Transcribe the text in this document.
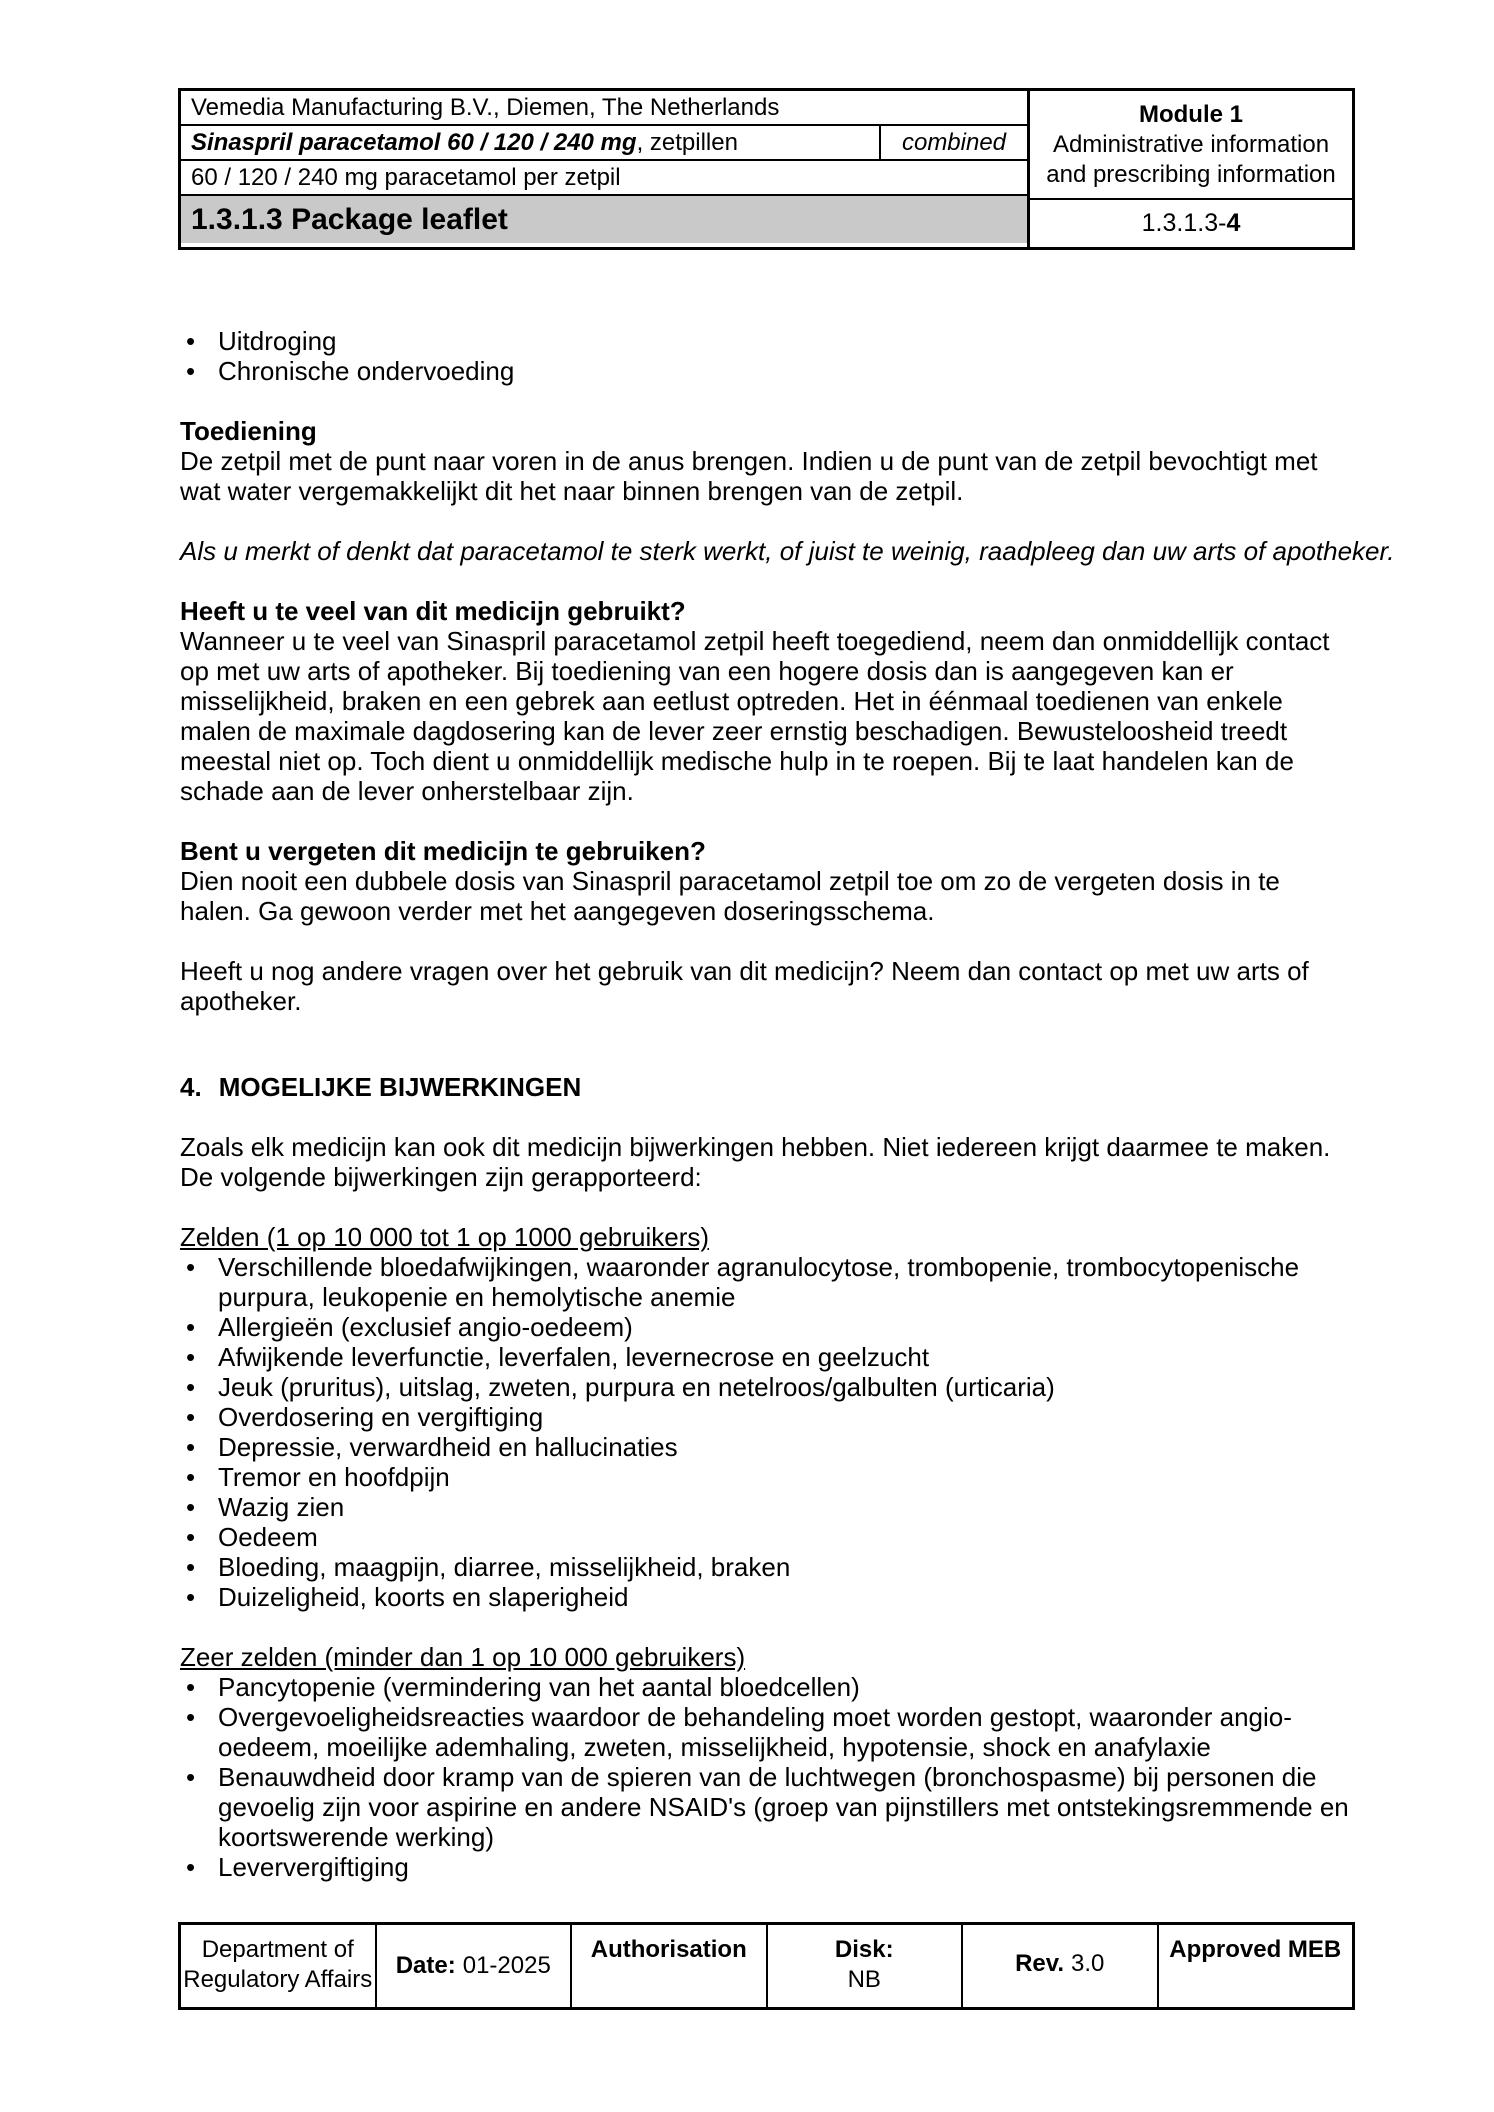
Vemedia Manufacturing B.V., Diemen, The Netherlands
Sinaspril paracetamol 60 / 120 / 240 mg, zetpillen	combined
60 / 120 / 240 mg paracetamol per zetpil
1.3.1.3 Package leaflet
Module 1
Administrative information
and prescribing information
1.3.1.3- 4
• Uitdroging
• Chronische ondervoeding
Toediening

De zetpil met de punt naar voren in de anus brengen. Indien u de punt van de zetpil bevochtigt met wat water vergemakkelijkt dit het naar binnen brengen van de zetpil.

Als u merkt of denkt dat paracetamol te sterk werkt, of juist te weinig, raadpleeg dan uw arts of apotheker.

Heeft u te veel van dit medicijn gebruikt?

Wanneer u te veel van Sinaspril paracetamol zetpil heeft toegediend, neem dan onmiddellijk contact op met uw arts of apotheker. Bij toediening van een hogere dosis dan is aangegeven kan er misselijkheid, braken en een gebrek aan eetlust optreden. Het in éénmaal toedienen van enkele malen de maximale dagdosering kan de lever zeer ernstig beschadigen. Bewusteloosheid treedt meestal niet op. Toch dient u onmiddellijk medische hulp in te roepen. Bij te laat handelen kan de schade aan de lever onherstelbaar zijn.

Bent u vergeten dit medicijn te gebruiken?

Dien nooit een dubbele dosis van Sinaspril paracetamol zetpil toe om zo de vergeten dosis in te halen. Ga gewoon verder met het aangegeven doseringsschema.

Heeft u nog andere vragen over het gebruik van dit medicijn? Neem dan contact op met uw arts of apotheker.

4. MOGELIJKE BIJWERKINGEN

Zoals elk medicijn kan ook dit medicijn bijwerkingen hebben. Niet iedereen krijgt daarmee te maken. De volgende bijwerkingen zijn gerapporteerd:

Zelden (1 op 10 000 tot 1 op 1000 gebruikers)
• Verschillende bloedafwijkingen, waaronder agranulocytose, trombopenie, trombocytopenische purpura, leukopenie en hemolytische anemie
• Allergieën (exclusief angio-oedeem)
• Afwijkende leverfunctie, leverfalen, levernecrose en geelzucht
• Jeuk (pruritus), uitslag, zweten, purpura en netelroos/galbulten (urticaria)
• Overdosering en vergiftiging
• Depressie, verwardheid en hallucinaties
• Tremor en hoofdpijn
• Wazig zien
• Oedeem
• Bloeding, maagpijn, diarree, misselijkheid, braken
• Duizeligheid, koorts en slaperigheid
Zeer zelden (minder dan 1 op 10 000 gebruikers)
• Pancytopenie (vermindering van het aantal bloedcellen)
• Overgevoeligheidsreacties waardoor de behandeling moet worden gestopt, waaronder angio-oedeem, moeilijke ademhaling, zweten, misselijkheid, hypotensie, shock en anafylaxie
• Benauwdheid door kramp van de spieren van de luchtwegen (bronchospasme) bij personen die gevoelig zijn voor aspirine en andere NSAID's (groep van pijnstillers met ontstekingsremmende en koortswerende werking)
• Leververgiftiging
Department of
Regulatory Affairs
Date: 01-2025
Authorisation	Disk:
NB
Rev. 3.0
Approved MEB
